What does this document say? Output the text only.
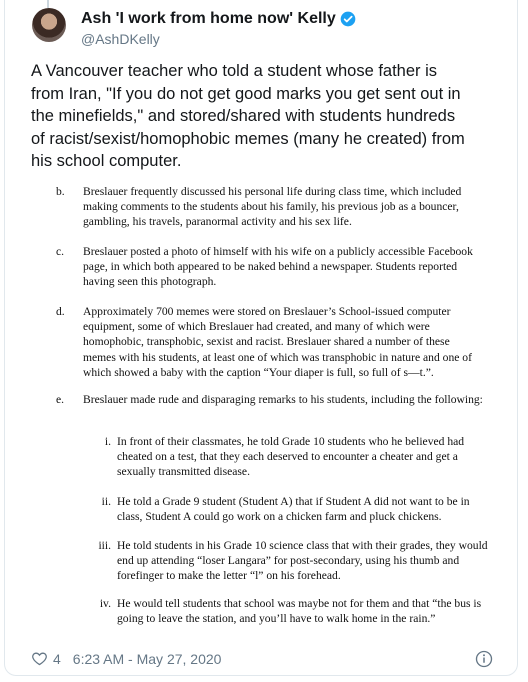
Ash 'I work from home now' Kelly
@AshDKelly

A Vancouver teacher who told a student whose father is from Iran, "If you do not get good marks you get sent out in the minefields," and stored/shared with students hundreds of racist/sexist/homophobic memes (many he created) from his school computer.

b. Breslauer frequently discussed his personal life during class time, which included making comments to the students about his family, his previous job as a bouncer, gambling, his travels, paranormal activity and his sex life.

c. Breslauer posted a photo of himself with his wife on a publicly accessible Facebook page, in which both appeared to be naked behind a newspaper. Students reported having seen this photograph.

d. Approximately 700 memes were stored on Breslauer’s School-issued computer equipment, some of which Breslauer had created, and many of which were homophobic, transphobic, sexist and racist. Breslauer shared a number of these memes with his students, at least one of which was transphobic in nature and one of which showed a baby with the caption “Your diaper is full, so full of s—t.”.

e. Breslauer made rude and disparaging remarks to his students, including the following:

i. In front of their classmates, he told Grade 10 students who he believed had cheated on a test, that they each deserved to encounter a cheater and get a sexually transmitted disease.

ii. He told a Grade 9 student (Student A) that if Student A did not want to be in class, Student A could go work on a chicken farm and pluck chickens.

iii. He told students in his Grade 10 science class that with their grades, they would end up attending “loser Langara” for post-secondary, using his thumb and forefinger to make the letter “l” on his forehead.

iv. He would tell students that school was maybe not for them and that “the bus is going to leave the station, and you’ll have to walk home in the rain.”

4 6:23 AM - May 27, 2020
